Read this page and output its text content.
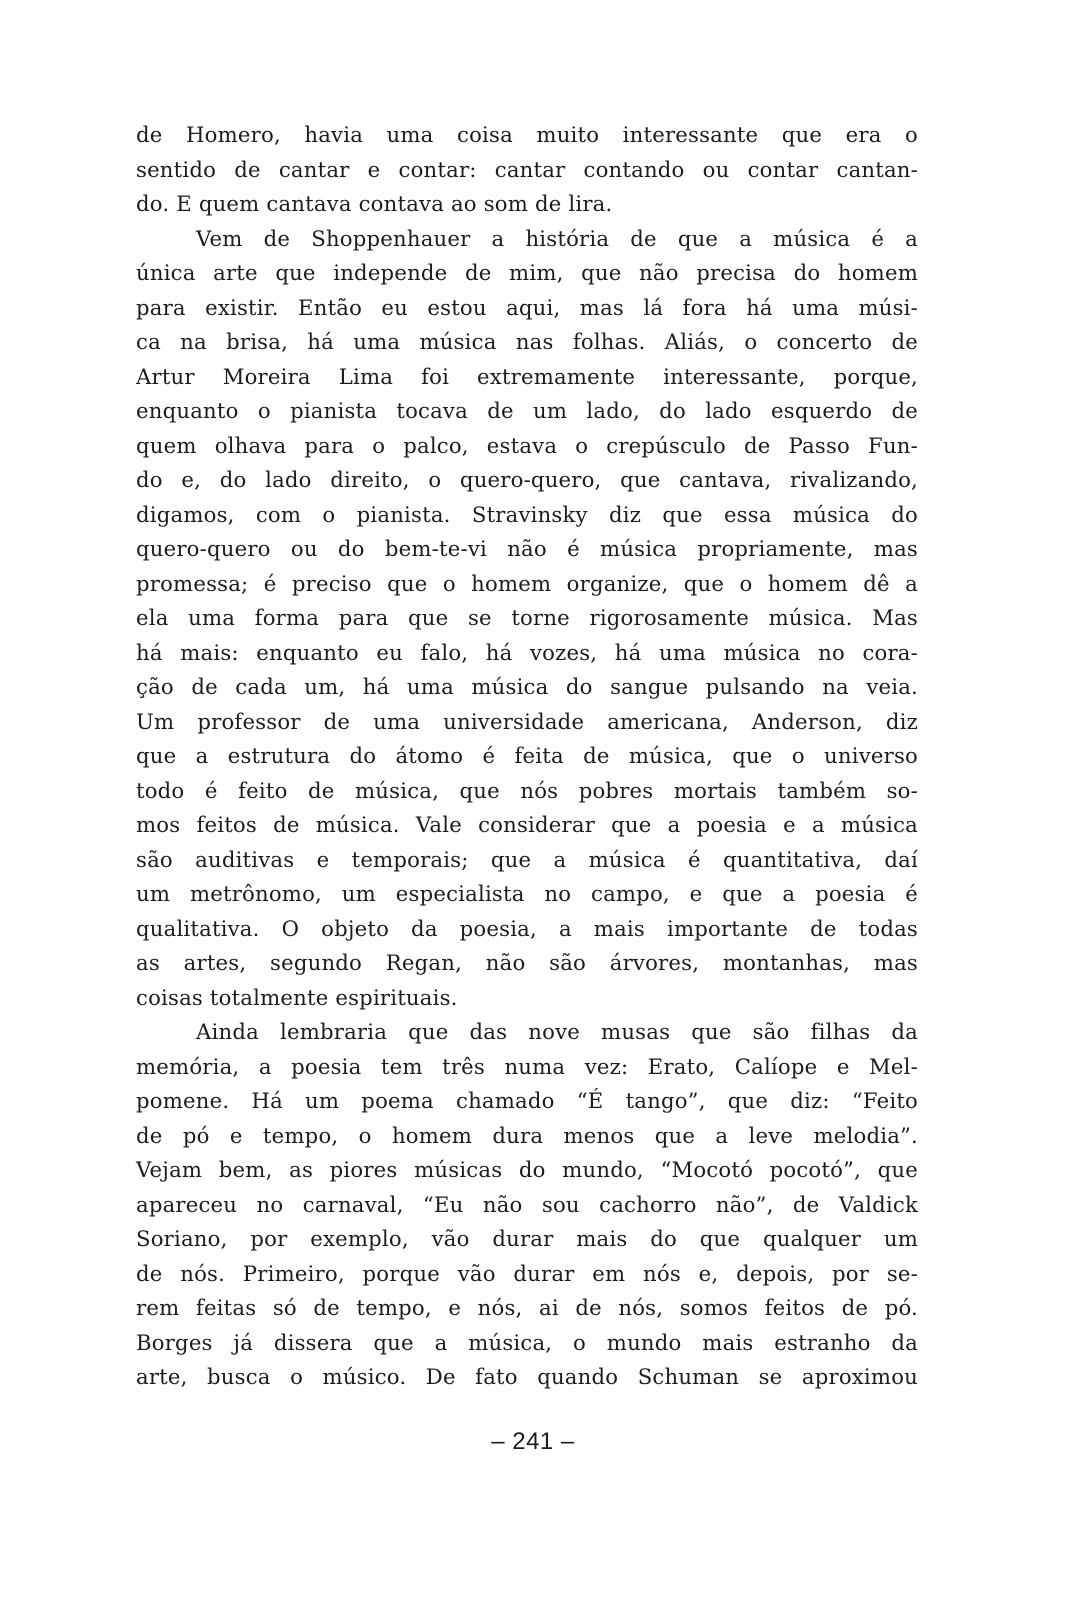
de Homero, havia uma coisa muito interessante que era o
sentido de cantar e contar: cantar contando ou contar cantan-
do. E quem cantava contava ao som de lira.
Vem de Shoppenhauer a história de que a música é a
única arte que independe de mim, que não precisa do homem
para existir. Então eu estou aqui, mas lá fora há uma músi-
ca na brisa, há uma música nas folhas. Aliás, o concerto de
Artur Moreira Lima foi extremamente interessante, porque,
enquanto o pianista tocava de um lado, do lado esquerdo de
quem olhava para o palco, estava o crepúsculo de Passo Fun-
do e, do lado direito, o quero-quero, que cantava, rivalizando,
digamos, com o pianista. Stravinsky diz que essa música do
quero-quero ou do bem-te-vi não é música propriamente, mas
promessa; é preciso que o homem organize, que o homem dê a
ela uma forma para que se torne rigorosamente música. Mas
há mais: enquanto eu falo, há vozes, há uma música no cora-
ção de cada um, há uma música do sangue pulsando na veia.
Um professor de uma universidade americana, Anderson, diz
que a estrutura do átomo é feita de música, que o universo
todo é feito de música, que nós pobres mortais também so-
mos feitos de música. Vale considerar que a poesia e a música
são auditivas e temporais; que a música é quantitativa, daí
um metrônomo, um especialista no campo, e que a poesia é
qualitativa. O objeto da poesia, a mais importante de todas
as artes, segundo Regan, não são árvores, montanhas, mas
coisas totalmente espirituais.
Ainda lembraria que das nove musas que são filhas da
memória, a poesia tem três numa vez: Erato, Calíope e Mel-
pomene. Há um poema chamado “É tango”, que diz: “Feito
de pó e tempo, o homem dura menos que a leve melodia”.
Vejam bem, as piores músicas do mundo, “Mocotó pocotó”, que
apareceu no carnaval, “Eu não sou cachorro não”, de Valdick
Soriano, por exemplo, vão durar mais do que qualquer um
de nós. Primeiro, porque vão durar em nós e, depois, por se-
rem feitas só de tempo, e nós, ai de nós, somos feitos de pó.
Borges já dissera que a música, o mundo mais estranho da
arte, busca o músico. De fato quando Schuman se aproximou
– 241 –
